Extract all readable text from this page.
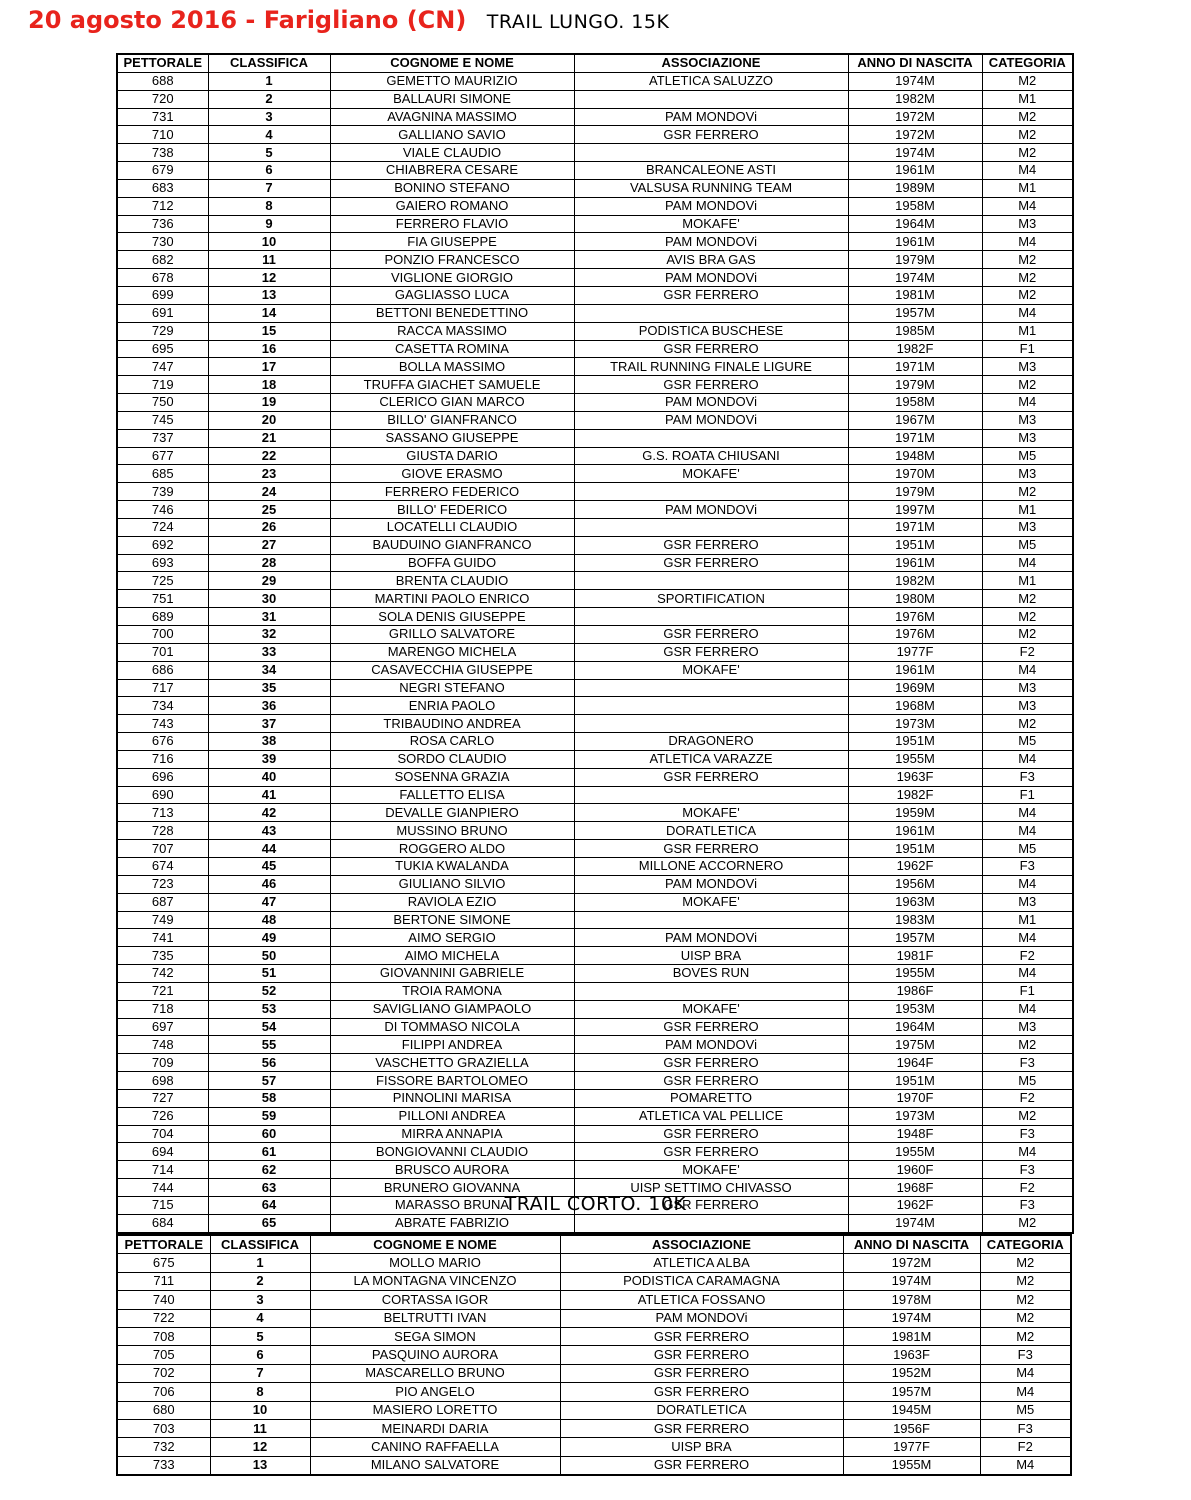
20 agosto 2016 - Farigliano (CN) TRAIL LUNGO. 15K
PETTORALE	CLASSIFICA	COGNOME E NOME	ASSOCIAZIONE	ANNO DI NASCITA	CATEGORIA
688	1	GEMETTO MAURIZIO	ATLETICA SALUZZO	1974M	M2
720	2	BALLAURI SIMONE		1982M	M1
731	3	AVAGNINA MASSIMO	PAM MONDOVi	1972M	M2
710	4	GALLIANO SAVIO	GSR FERRERO	1972M	M2
738	5	VIALE CLAUDIO		1974M	M2
679	6	CHIABRERA CESARE	BRANCALEONE ASTI	1961M	M4
683	7	BONINO STEFANO	VALSUSA RUNNING TEAM	1989M	M1
712	8	GAIERO ROMANO	PAM MONDOVi	1958M	M4
736	9	FERRERO FLAVIO	MOKAFE'	1964M	M3
730	10	FIA GIUSEPPE	PAM MONDOVi	1961M	M4
682	11	PONZIO FRANCESCO	AVIS BRA GAS	1979M	M2
678	12	VIGLIONE GIORGIO	PAM MONDOVi	1974M	M2
699	13	GAGLIASSO LUCA	GSR FERRERO	1981M	M2
691	14	BETTONI BENEDETTINO		1957M	M4
729	15	RACCA MASSIMO	PODISTICA BUSCHESE	1985M	M1
695	16	CASETTA ROMINA	GSR FERRERO	1982F	F1
747	17	BOLLA MASSIMO	TRAIL RUNNING FINALE LIGURE	1971M	M3
719	18	TRUFFA GIACHET SAMUELE	GSR FERRERO	1979M	M2
750	19	CLERICO GIAN MARCO	PAM MONDOVi	1958M	M4
745	20	BILLO' GIANFRANCO	PAM MONDOVi	1967M	M3
737	21	SASSANO GIUSEPPE		1971M	M3
677	22	GIUSTA DARIO	G.S. ROATA CHIUSANI	1948M	M5
685	23	GIOVE ERASMO	MOKAFE'	1970M	M3
739	24	FERRERO FEDERICO		1979M	M2
746	25	BILLO' FEDERICO	PAM MONDOVi	1997M	M1
724	26	LOCATELLI CLAUDIO		1971M	M3
692	27	BAUDUINO GIANFRANCO	GSR FERRERO	1951M	M5
693	28	BOFFA GUIDO	GSR FERRERO	1961M	M4
725	29	BRENTA CLAUDIO		1982M	M1
751	30	MARTINI PAOLO ENRICO	SPORTIFICATION	1980M	M2
689	31	SOLA DENIS GIUSEPPE		1976M	M2
700	32	GRILLO SALVATORE	GSR FERRERO	1976M	M2
701	33	MARENGO MICHELA	GSR FERRERO	1977F	F2
686	34	CASAVECCHIA GIUSEPPE	MOKAFE'	1961M	M4
717	35	NEGRI STEFANO		1969M	M3
734	36	ENRIA PAOLO		1968M	M3
743	37	TRIBAUDINO ANDREA		1973M	M2
676	38	ROSA CARLO	DRAGONERO	1951M	M5
716	39	SORDO CLAUDIO	ATLETICA VARAZZE	1955M	M4
696	40	SOSENNA GRAZIA	GSR FERRERO	1963F	F3
690	41	FALLETTO ELISA		1982F	F1
713	42	DEVALLE GIANPIERO	MOKAFE'	1959M	M4
728	43	MUSSINO BRUNO	DORATLETICA	1961M	M4
707	44	ROGGERO ALDO	GSR FERRERO	1951M	M5
674	45	TUKIA KWALANDA	MILLONE ACCORNERO	1962F	F3
723	46	GIULIANO SILVIO	PAM MONDOVi	1956M	M4
687	47	RAVIOLA EZIO	MOKAFE'	1963M	M3
749	48	BERTONE SIMONE		1983M	M1
741	49	AIMO SERGIO	PAM MONDOVi	1957M	M4
735	50	AIMO MICHELA	UISP BRA	1981F	F2
742	51	GIOVANNINI GABRIELE	BOVES RUN	1955M	M4
721	52	TROIA RAMONA		1986F	F1
718	53	SAVIGLIANO GIAMPAOLO	MOKAFE'	1953M	M4
697	54	DI TOMMASO NICOLA	GSR FERRERO	1964M	M3
748	55	FILIPPI ANDREA	PAM MONDOVi	1975M	M2
709	56	VASCHETTO GRAZIELLA	GSR FERRERO	1964F	F3
698	57	FISSORE BARTOLOMEO	GSR FERRERO	1951M	M5
727	58	PINNOLINI MARISA	POMARETTO	1970F	F2
726	59	PILLONI ANDREA	ATLETICA VAL PELLICE	1973M	M2
704	60	MIRRA ANNAPIA	GSR FERRERO	1948F	F3
694	61	BONGIOVANNI CLAUDIO	GSR FERRERO	1955M	M4
714	62	BRUSCO AURORA	MOKAFE'	1960F	F3
744	63	BRUNERO GIOVANNA	UISP SETTIMO CHIVASSO	1968F	F2
715	64	MARASSO BRUNA	GSR FERRERO	1962F	F3
684	65	ABRATE FABRIZIO		1974M	M2
TRAIL CORTO. 10K
PETTORALE	CLASSIFICA	COGNOME E NOME	ASSOCIAZIONE	ANNO DI NASCITA	CATEGORIA
675	1	MOLLO MARIO	ATLETICA ALBA	1972M	M2
711	2	LA MONTAGNA VINCENZO	PODISTICA CARAMAGNA	1974M	M2
740	3	CORTASSA IGOR	ATLETICA FOSSANO	1978M	M2
722	4	BELTRUTTI IVAN	PAM MONDOVi	1974M	M2
708	5	SEGA SIMON	GSR FERRERO	1981M	M2
705	6	PASQUINO AURORA	GSR FERRERO	1963F	F3
702	7	MASCARELLO BRUNO	GSR FERRERO	1952M	M4
706	8	PIO ANGELO	GSR FERRERO	1957M	M4
680	10	MASIERO LORETTO	DORATLETICA	1945M	M5
703	11	MEINARDI DARIA	GSR FERRERO	1956F	F3
732	12	CANINO RAFFAELLA	UISP BRA	1977F	F2
733	13	MILANO SALVATORE	GSR FERRERO	1955M	M4
